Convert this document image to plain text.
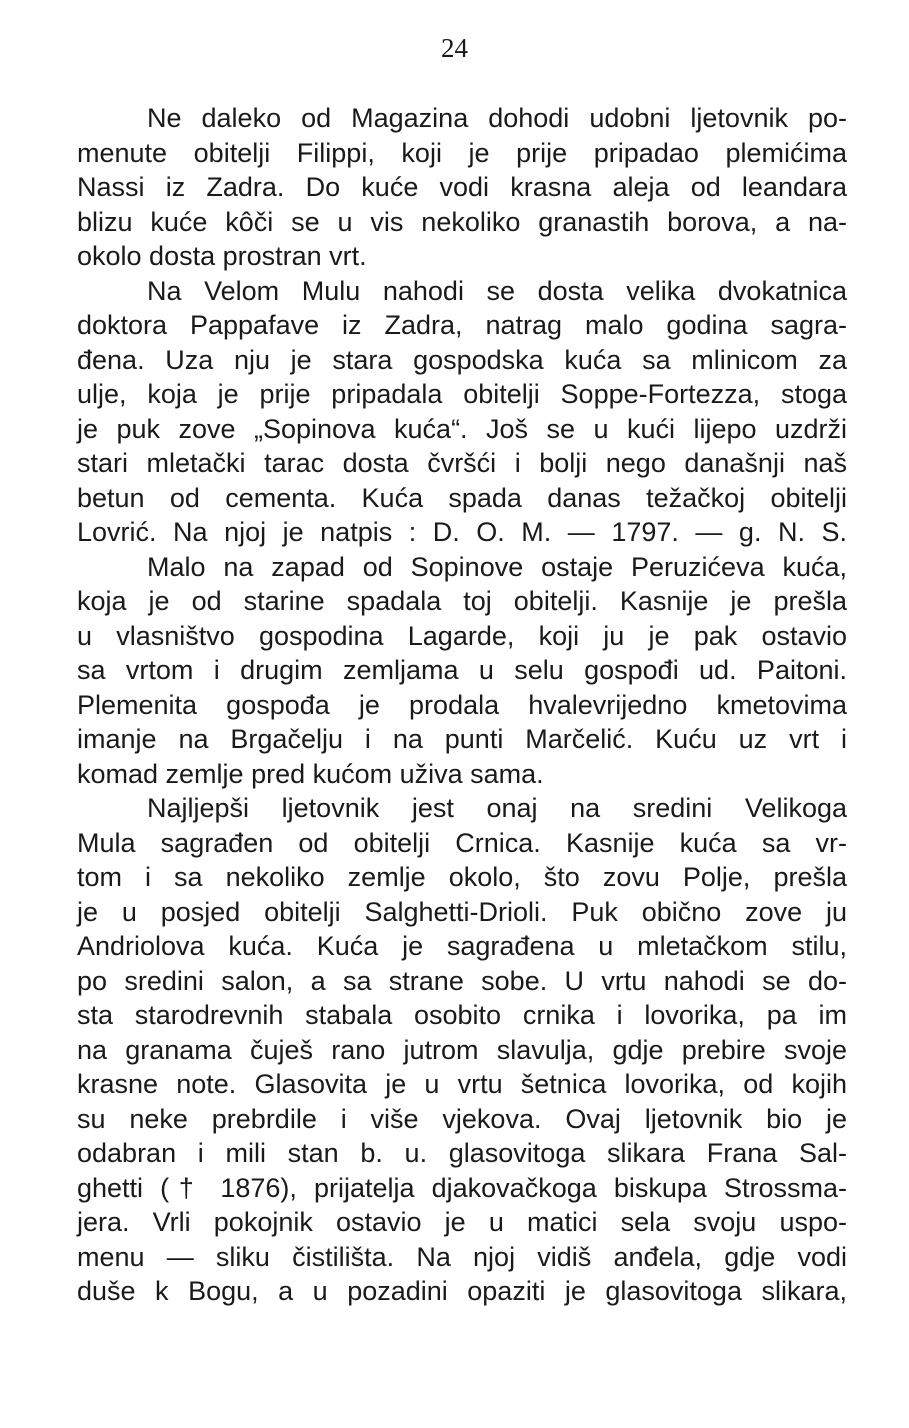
24
Ne daleko od Magazina dohodi udobni ljetovnik po-
menute obitelji Filippi, koji je prije pripadao plemićima
Nassi iz Zadra. Do kuće vodi krasna aleja od leandara
blizu kuće kôči se u vis nekoliko granastih borova, a na-
okolo dosta prostran vrt.
Na Velom Mulu nahodi se dosta velika dvokatnica
doktora Pappafave iz Zadra, natrag malo godina sagra-
đena. Uza nju je stara gospodska kuća sa mlinicom za
ulje, koja je prije pripadala obitelji Soppe-Fortezza, stoga
je puk zove „Sopinova kuća“. Još se u kući lijepo uzdrži
stari mletački tarac dosta čvršći i bolji nego današnji naš
betun od cementa. Kuća spada danas težačkoj obitelji
Lovrić. Na njoj je natpis : D. O. M. — 1797. — g. N. S.
Malo na zapad od Sopinove ostaje Peruzićeva kuća,
koja je od starine spadala toj obitelji. Kasnije je prešla
u vlasništvo gospodina Lagarde, koji ju je pak ostavio
sa vrtom i drugim zemljama u selu gospođi ud. Paitoni.
Plemenita gospođa je prodala hvalevrijedno kmetovima
imanje na Brgačelju i na punti Marčelić. Kuću uz vrt i
komad zemlje pred kućom uživa sama.
Najljepši ljetovnik jest onaj na sredini Velikoga
Mula sagrađen od obitelji Crnica. Kasnije kuća sa vr-
tom i sa nekoliko zemlje okolo, što zovu Polje, prešla
je u posjed obitelji Salghetti-Drioli. Puk obično zove ju
Andriolova kuća. Kuća je sagrađena u mletačkom stilu,
po sredini salon, a sa strane sobe. U vrtu nahodi se do-
sta starodrevnih stabala osobito crnika i lovorika, pa im
na granama čuješ rano jutrom slavulja, gdje prebire svoje
krasne note. Glasovita je u vrtu šetnica lovorika, od kojih
su neke prebrdile i više vjekova. Ovaj ljetovnik bio je
odabran i mili stan b. u. glasovitoga slikara Frana Sal-
ghetti († 1876), prijatelja djakovačkoga biskupa Strossma-
jera. Vrli pokojnik ostavio je u matici sela svoju uspo-
menu — sliku čistilišta. Na njoj vidiš anđela, gdje vodi
duše k Bogu, a u pozadini opaziti je glasovitoga slikara,
